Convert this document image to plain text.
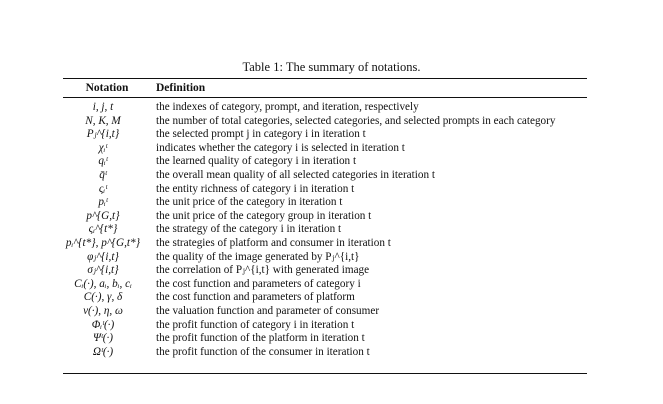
Table 1: The summary of notations.
Notation	Definition
i, j, t	the indexes of category, prompt, and iteration, respectively
N, K, M	the number of total categories, selected categories, and selected prompts in each category
Pⱼ^{i,t}	the selected prompt j in category i in iteration t
χᵢᵗ	indicates whether the category i is selected in iteration t
qᵢᵗ	the learned quality of category i in iteration t
q̄ᵗ	the overall mean quality of all selected categories in iteration t
ςᵢᵗ	the entity richness of category i in iteration t
pᵢᵗ	the unit price of the category in iteration t
p^{G,t}	the unit price of the category group in iteration t
ςᵢ^{t*}	the strategy of the category i in iteration t
pᵢ^{t*}, p^{G,t*}	the strategies of platform and consumer in iteration t
φⱼ^{i,t}	the quality of the image generated by Pⱼ^{i,t}
σⱼ^{i,t}	the correlation of Pⱼ^{i,t} with generated image
Cᵢ(·), aᵢ, bᵢ, cᵢ	the cost function and parameters of category i
C(·), γ, δ	the cost function and parameters of platform
ν(·), η, ω	the valuation function and parameter of consumer
Φᵢᵗ(·)	the profit function of category i in iteration t
Ψᵗ(·)	the profit function of the platform in iteration t
Ωᵗ(·)	the profit function of the consumer in iteration t
